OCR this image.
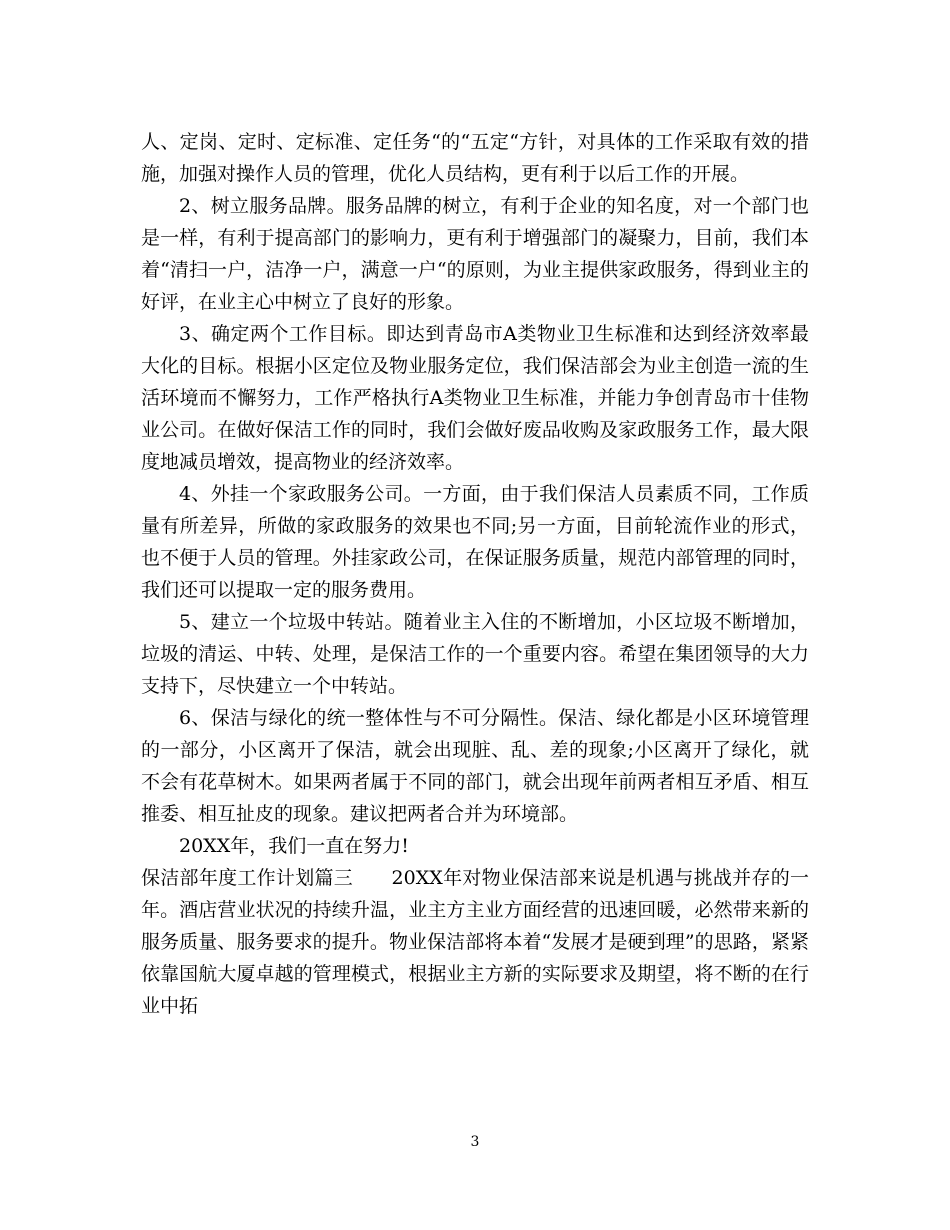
人、定岗、定时、定标准、定任务“的“五定“方针，对具体的工作采取有效的措施，加强对操作人员的管理，优化人员结构，更有利于以后工作的开展。

2、树立服务品牌。服务品牌的树立，有利于企业的知名度，对一个部门也是一样，有利于提高部门的影响力，更有利于增强部门的凝聚力，目前，我们本着“清扫一户，洁净一户，满意一户“的原则，为业主提供家政服务，得到业主的好评，在业主心中树立了良好的形象。

3、确定两个工作目标。即达到青岛市A类物业卫生标准和达到经济效率最大化的目标。根据小区定位及物业服务定位，我们保洁部会为业主创造一流的生活环境而不懈努力，工作严格执行A类物业卫生标准，并能力争创青岛市十佳物业公司。在做好保洁工作的同时，我们会做好废品收购及家政服务工作，最大限度地减员增效，提高物业的经济效率。

4、外挂一个家政服务公司。一方面，由于我们保洁人员素质不同，工作质量有所差异，所做的家政服务的效果也不同;另一方面，目前轮流作业的形式，也不便于人员的管理。外挂家政公司，在保证服务质量，规范内部管理的同时，我们还可以提取一定的服务费用。

5、建立一个垃圾中转站。随着业主入住的不断增加，小区垃圾不断增加，垃圾的清运、中转、处理，是保洁工作的一个重要内容。希望在集团领导的大力支持下，尽快建立一个中转站。

6、保洁与绿化的统一整体性与不可分隔性。保洁、绿化都是小区环境管理的一部分，小区离开了保洁，就会出现脏、乱、差的现象;小区离开了绿化，就不会有花草树木。如果两者属于不同的部门，就会出现年前两者相互矛盾、相互推委、相互扯皮的现象。建议把两者合并为环境部。

20XX年，我们一直在努力!

保洁部年度工作计划篇三　　20XX年对物业保洁部来说是机遇与挑战并存的一年。酒店营业状况的持续升温，业主方主业方面经营的迅速回暖，必然带来新的服务质量、服务要求的提升。物业保洁部将本着“发展才是硬到理”的思路，紧紧依靠国航大厦卓越的管理模式，根据业主方新的实际要求及期望，将不断的在行业中拓

3
